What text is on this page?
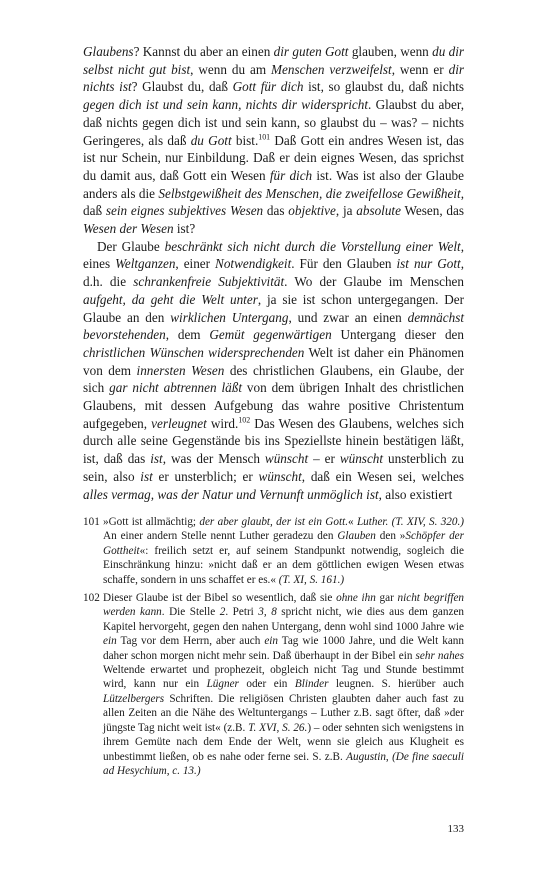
Glaubens? Kannst du aber an einen dir guten Gott glauben, wenn du dir selbst nicht gut bist, wenn du am Menschen verzweifelst, wenn er dir nichts ist? Glaubst du, daß Gott für dich ist, so glaubst du, daß nichts gegen dich ist und sein kann, nichts dir widerspricht. Glaubst du aber, daß nichts gegen dich ist und sein kann, so glaubst du – was? – nichts Geringeres, als daß du Gott bist.$^{101}$ Daß Gott ein andres Wesen ist, das ist nur Schein, nur Einbildung. Daß er dein eignes Wesen, das sprichst du damit aus, daß Gott ein Wesen für dich ist. Was ist also der Glaube anders als die Selbstgewißheit des Menschen, die zweifellose Gewißheit, daß sein eignes subjektives Wesen das objektive, ja absolute Wesen, das Wesen der Wesen ist?

Der Glaube beschränkt sich nicht durch die Vorstellung einer Welt, eines Weltganzen, einer Notwendigkeit. Für den Glauben ist nur Gott, d.h. die schrankenfreie Subjektivität. Wo der Glaube im Menschen aufgeht, da geht die Welt unter, ja sie ist schon untergegangen. Der Glaube an den wirklichen Untergang, und zwar an einen demnächst bevorstehenden, dem Gemüt gegenwärtigen Untergang dieser den christlichen Wünschen widersprechenden Welt ist daher ein Phänomen von dem innersten Wesen des christlichen Glaubens, ein Glaube, der sich gar nicht abtrennen läßt von dem übrigen Inhalt des christlichen Glaubens, mit dessen Aufgebung das wahre positive Christentum aufgegeben, verleugnet wird.$^{102}$ Das Wesen des Glaubens, welches sich durch alle seine Gegenstände bis ins Speziellste hinein bestätigen läßt, ist, daß das ist, was der Mensch wünscht – er wünscht unsterblich zu sein, also ist er unsterblich; er wünscht, daß ein Wesen sei, welches alles vermag, was der Natur und Vernunft unmöglich ist, also existiert

101 »Gott ist allmächtig; der aber glaubt, der ist ein Gott.« Luther. (T. XIV, S. 320.) An einer andern Stelle nennt Luther geradezu den Glauben den »Schöpfer der Gottheit«: freilich setzt er, auf seinem Standpunkt notwendig, sogleich die Einschränkung hinzu: »nicht daß er an dem göttlichen ewigen Wesen etwas schaffe, sondern in uns schaffet er es.« (T. XI, S. 161.)
102 Dieser Glaube ist der Bibel so wesentlich, daß sie ohne ihn gar nicht begriffen werden kann. Die Stelle 2. Petri 3, 8 spricht nicht, wie dies aus dem ganzen Kapitel hervorgeht, gegen den nahen Untergang, denn wohl sind 1000 Jahre wie ein Tag vor dem Herrn, aber auch ein Tag wie 1000 Jahre, und die Welt kann daher schon morgen nicht mehr sein. Daß überhaupt in der Bibel ein sehr nahes Weltende erwartet und prophezeit, obgleich nicht Tag und Stunde bestimmt wird, kann nur ein Lügner oder ein Blinder leugnen. S. hierüber auch Lützelbergers Schriften. Die religiösen Christen glaubten daher auch fast zu allen Zeiten an die Nähe des Weltuntergangs – Luther z.B. sagt öfter, daß »der jüngste Tag nicht weit ist« (z.B. T. XVI, S. 26.) – oder sehnten sich wenigstens in ihrem Gemüte nach dem Ende der Welt, wenn sie gleich aus Klugheit es unbestimmt ließen, ob es nahe oder ferne sei. S. z.B. Augustin, (De fine saeculi ad Hesychium, c. 13.)
133
